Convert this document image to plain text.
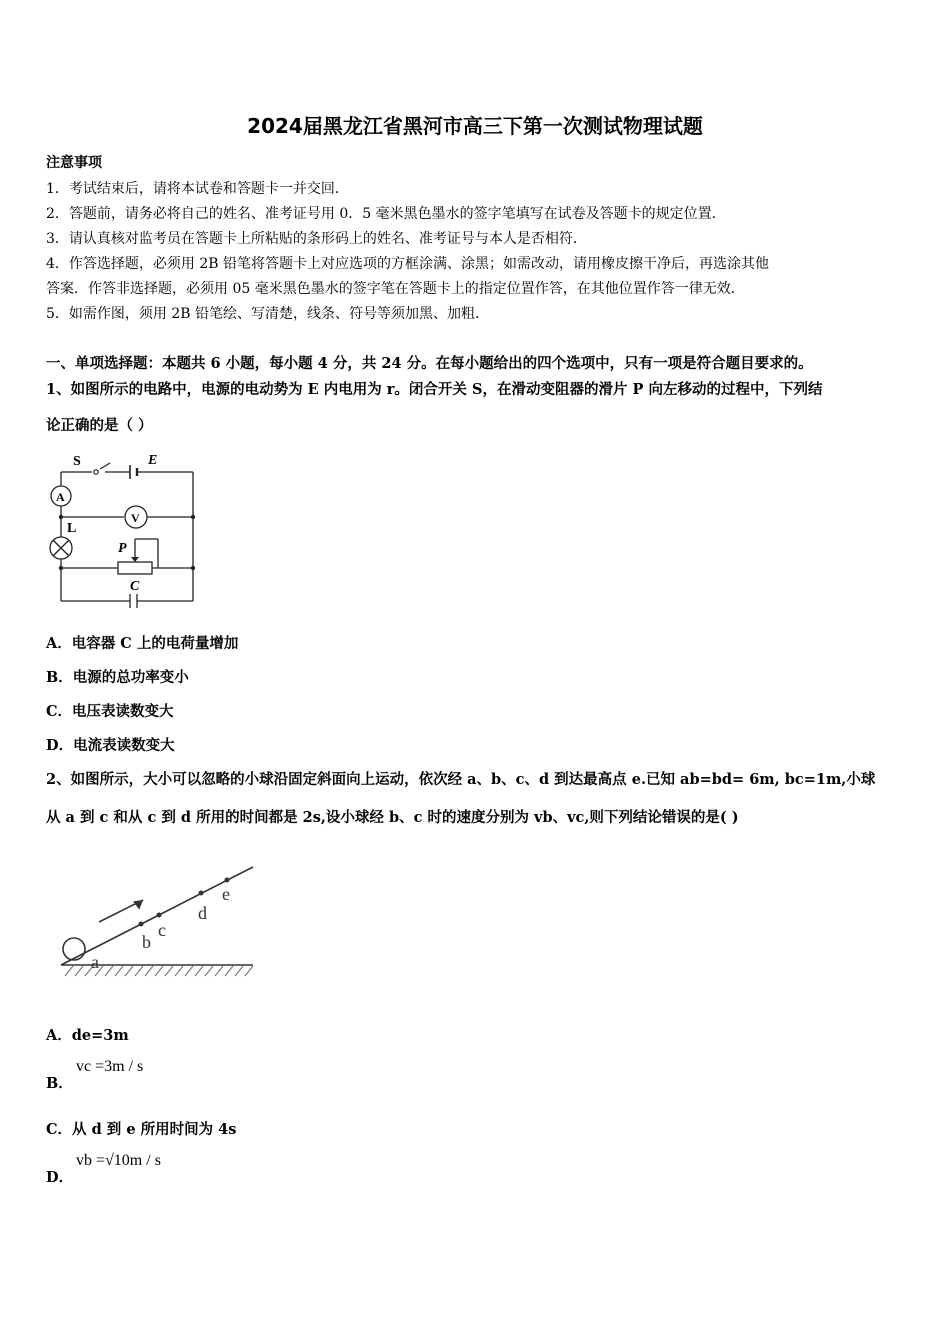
2024届黑龙江省黑河市高三下第一次测试物理试题
注意事项
1．考试结束后，请将本试卷和答题卡一并交回．
2．答题前，请务必将自己的姓名、准考证号用 0．5 毫米黑色墨水的签字笔填写在试卷及答题卡的规定位置．
3．请认真核对监考员在答题卡上所粘贴的条形码上的姓名、准考证号与本人是否相符．
4．作答选择题，必须用 2B 铅笔将答题卡上对应选项的方框涂满、涂黑；如需改动，请用橡皮擦干净后，再选涂其他
答案．作答非选择题，必须用 05 毫米黑色墨水的签字笔在答题卡上的指定位置作答，在其他位置作答一律无效．
5．如需作图，须用 2B 铅笔绘、写清楚，线条、符号等须加黑、加粗．
一、单项选择题：本题共 6 小题，每小题 4 分，共 24 分。在每小题给出的四个选项中，只有一项是符合题目要求的。
1、如图所示的电路中，电源的电动势为 E 内电用为 r。闭合开关 S，在滑动变阻器的滑片 P 向左移动的过程中，下列结
论正确的是（ ）
S	E
A
V
L
P
C
A．电容器 C 上的电荷量增加
B．电源的总功率变小
C．电压表读数变大
D．电流表读数变大
2、如图所示，大小可以忽略的小球沿固定斜面向上运动，依次经 a、b、c、d 到达最高点 e.已知 ab=bd= 6m, bc=1m,小球
从 a 到 c 和从 c 到 d 所用的时间都是 2s,设小球经 b、c 时的速度分别为 vb、vc,则下列结论错误的是( )
a
b
c
d
e
A．de=3m
B．
vc =3m / s
C．从 d 到 e 所用时间为 4s
D．
vb =√10m / s
